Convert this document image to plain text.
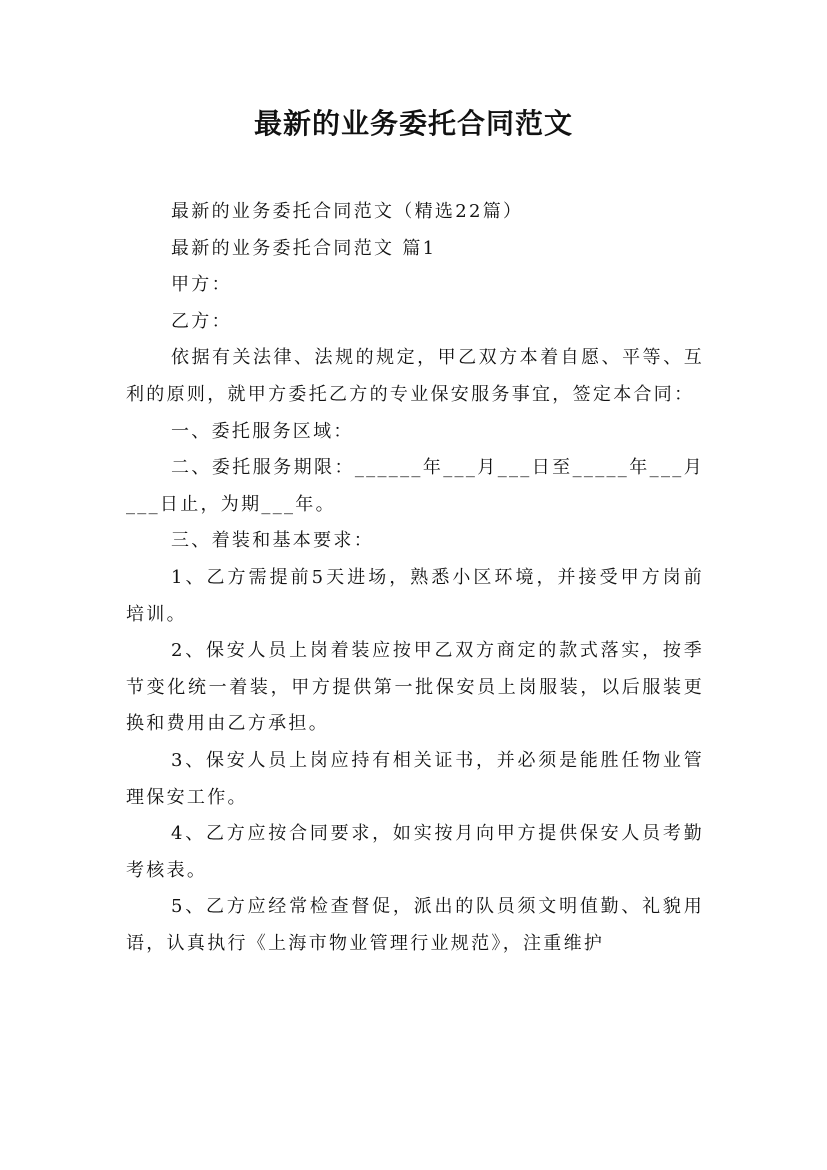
最新的业务委托合同范文

最新的业务委托合同范文（精选22篇）

最新的业务委托合同范文 篇1

甲方：

乙方：

依据有关法律、法规的规定，甲乙双方本着自愿、平等、互利的原则，就甲方委托乙方的专业保安服务事宜，签定本合同：

一、委托服务区域：

二、委托服务期限：______年___月___日至_____年___月___日止，为期___年。

三、着装和基本要求：

1、乙方需提前5天进场，熟悉小区环境，并接受甲方岗前培训。

2、保安人员上岗着装应按甲乙双方商定的款式落实，按季节变化统一着装，甲方提供第一批保安员上岗服装，以后服装更换和费用由乙方承担。

3、保安人员上岗应持有相关证书，并必须是能胜任物业管理保安工作。

4、乙方应按合同要求，如实按月向甲方提供保安人员考勤考核表。

5、乙方应经常检查督促，派出的队员须文明值勤、礼貌用语，认真执行《上海市物业管理行业规范》，注重维护
